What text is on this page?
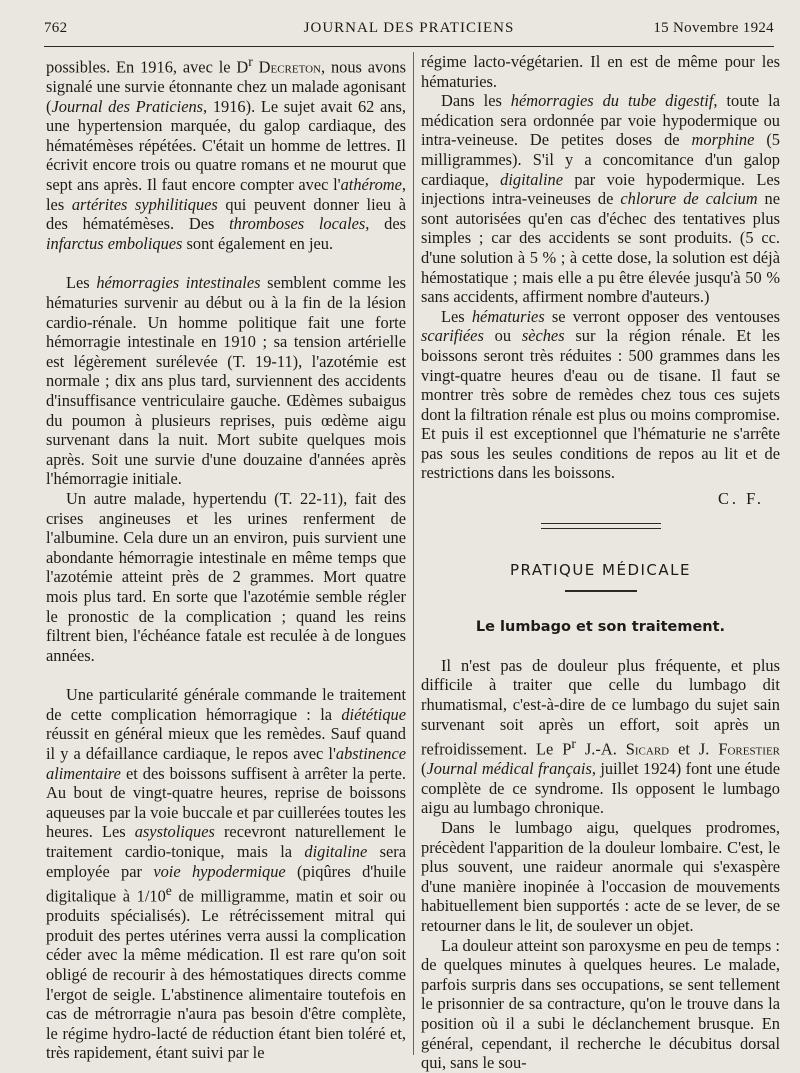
762	JOURNAL DES PRATICIENS	15 Novembre 1924

possibles. En 1916, avec le $D^r$ Decreton, nous avons signalé une survie étonnante chez un malade agonisant (Journal des Praticiens, 1916). Le sujet avait 62 ans, une hypertension marquée, du galop cardiaque, des hématémèses répétées. C'était un homme de lettres. Il écrivit encore trois ou quatre romans et ne mourut que sept ans après. Il faut encore compter avec l'athérome, les artérites syphilitiques qui peuvent donner lieu à des hématémèses. Des thromboses locales, des infarctus emboliques sont également en jeu.

Les hémorragies intestinales semblent comme les hématuries survenir au début ou à la fin de la lésion cardio-rénale. Un homme politique fait une forte hémorragie intestinale en 1910 ; sa tension artérielle est légèrement surélevée (T. 19-11), l'azotémie est normale ; dix ans plus tard, surviennent des accidents d'insuffisance ventriculaire gauche. Œdèmes subaigus du poumon à plusieurs reprises, puis œdème aigu survenant dans la nuit. Mort subite quelques mois après. Soit une survie d'une douzaine d'années après l'hémorragie initiale.

Un autre malade, hypertendu (T. 22-11), fait des crises angineuses et les urines renferment de l'albumine. Cela dure un an environ, puis survient une abondante hémorragie intestinale en même temps que l'azotémie atteint près de 2 grammes. Mort quatre mois plus tard. En sorte que l'azotémie semble régler le pronostic de la complication ; quand les reins filtrent bien, l'échéance fatale est reculée à de longues années.

Une particularité générale commande le traitement de cette complication hémorragique : la diététique réussit en général mieux que les remèdes. Sauf quand il y a défaillance cardiaque, le repos avec l'abstinence alimentaire et des boissons suffisent à arrêter la perte. Au bout de vingt-quatre heures, reprise de boissons aqueuses par la voie buccale et par cuillerées toutes les heures. Les asystoliques recevront naturellement le traitement cardio-tonique, mais la digitaline sera employée par voie hypodermique (piqûres d'huile digitalique à 1/10e de milligramme, matin et soir ou produits spécialisés). Le rétrécissement mitral qui produit des pertes utérines verra aussi la complication céder avec la même médication. Il est rare qu'on soit obligé de recourir à des hémostatiques directs comme l'ergot de seigle. L'abstinence alimentaire toutefois en cas de métrorragie n'aura pas besoin d'être complète, le régime hydro-lacté de réduction étant bien toléré et, très rapidement, étant suivi par le

régime lacto-végétarien. Il en est de même pour les hématuries.

Dans les hémorragies du tube digestif, toute la médication sera ordonnée par voie hypodermique ou intra-veineuse. De petites doses de morphine (5 milligrammes). S'il y a concomitance d'un galop cardiaque, digitaline par voie hypodermique. Les injections intra-veineuses de chlorure de calcium ne sont autorisées qu'en cas d'échec des tentatives plus simples ; car des accidents se sont produits. (5 cc. d'une solution à 5 % ; à cette dose, la solution est déjà hémostatique ; mais elle a pu être élevée jusqu'à 50 % sans accidents, affirment nombre d'auteurs.)

Les hématuries se verront opposer des ventouses scarifiées ou sèches sur la région rénale. Et les boissons seront très réduites : 500 grammes dans les vingt-quatre heures d'eau ou de tisane. Il faut se montrer très sobre de remèdes chez tous ces sujets dont la filtration rénale est plus ou moins compromise. Et puis il est exceptionnel que l'hématurie ne s'arrête pas sous les seules conditions de repos au lit et de restrictions dans les boissons.

C. F.

PRATIQUE MÉDICALE
Le lumbago et son traitement.

Il n'est pas de douleur plus fréquente, et plus difficile à traiter que celle du lumbago dit rhumatismal, c'est-à-dire de ce lumbago du sujet sain survenant soit après un effort, soit après un refroidissement. Le $P^r$ J.-A. Sicard et J. Forestier (Journal médical français, juillet 1924) font une étude complète de ce syndrome. Ils opposent le lumbago aigu au lumbago chronique.

Dans le lumbago aigu, quelques prodromes, précèdent l'apparition de la douleur lombaire. C'est, le plus souvent, une raideur anormale qui s'exaspère d'une manière inopinée à l'occasion de mouvements habituellement bien supportés : acte de se lever, de se retourner dans le lit, de soulever un objet.

La douleur atteint son paroxysme en peu de temps : de quelques minutes à quelques heures. Le malade, parfois surpris dans ses occupations, se sent tellement le prisonnier de sa contracture, qu'on le trouve dans la position où il a subi le déclanchement brusque. En général, cependant, il recherche le décubitus dorsal qui, sans le sou-
